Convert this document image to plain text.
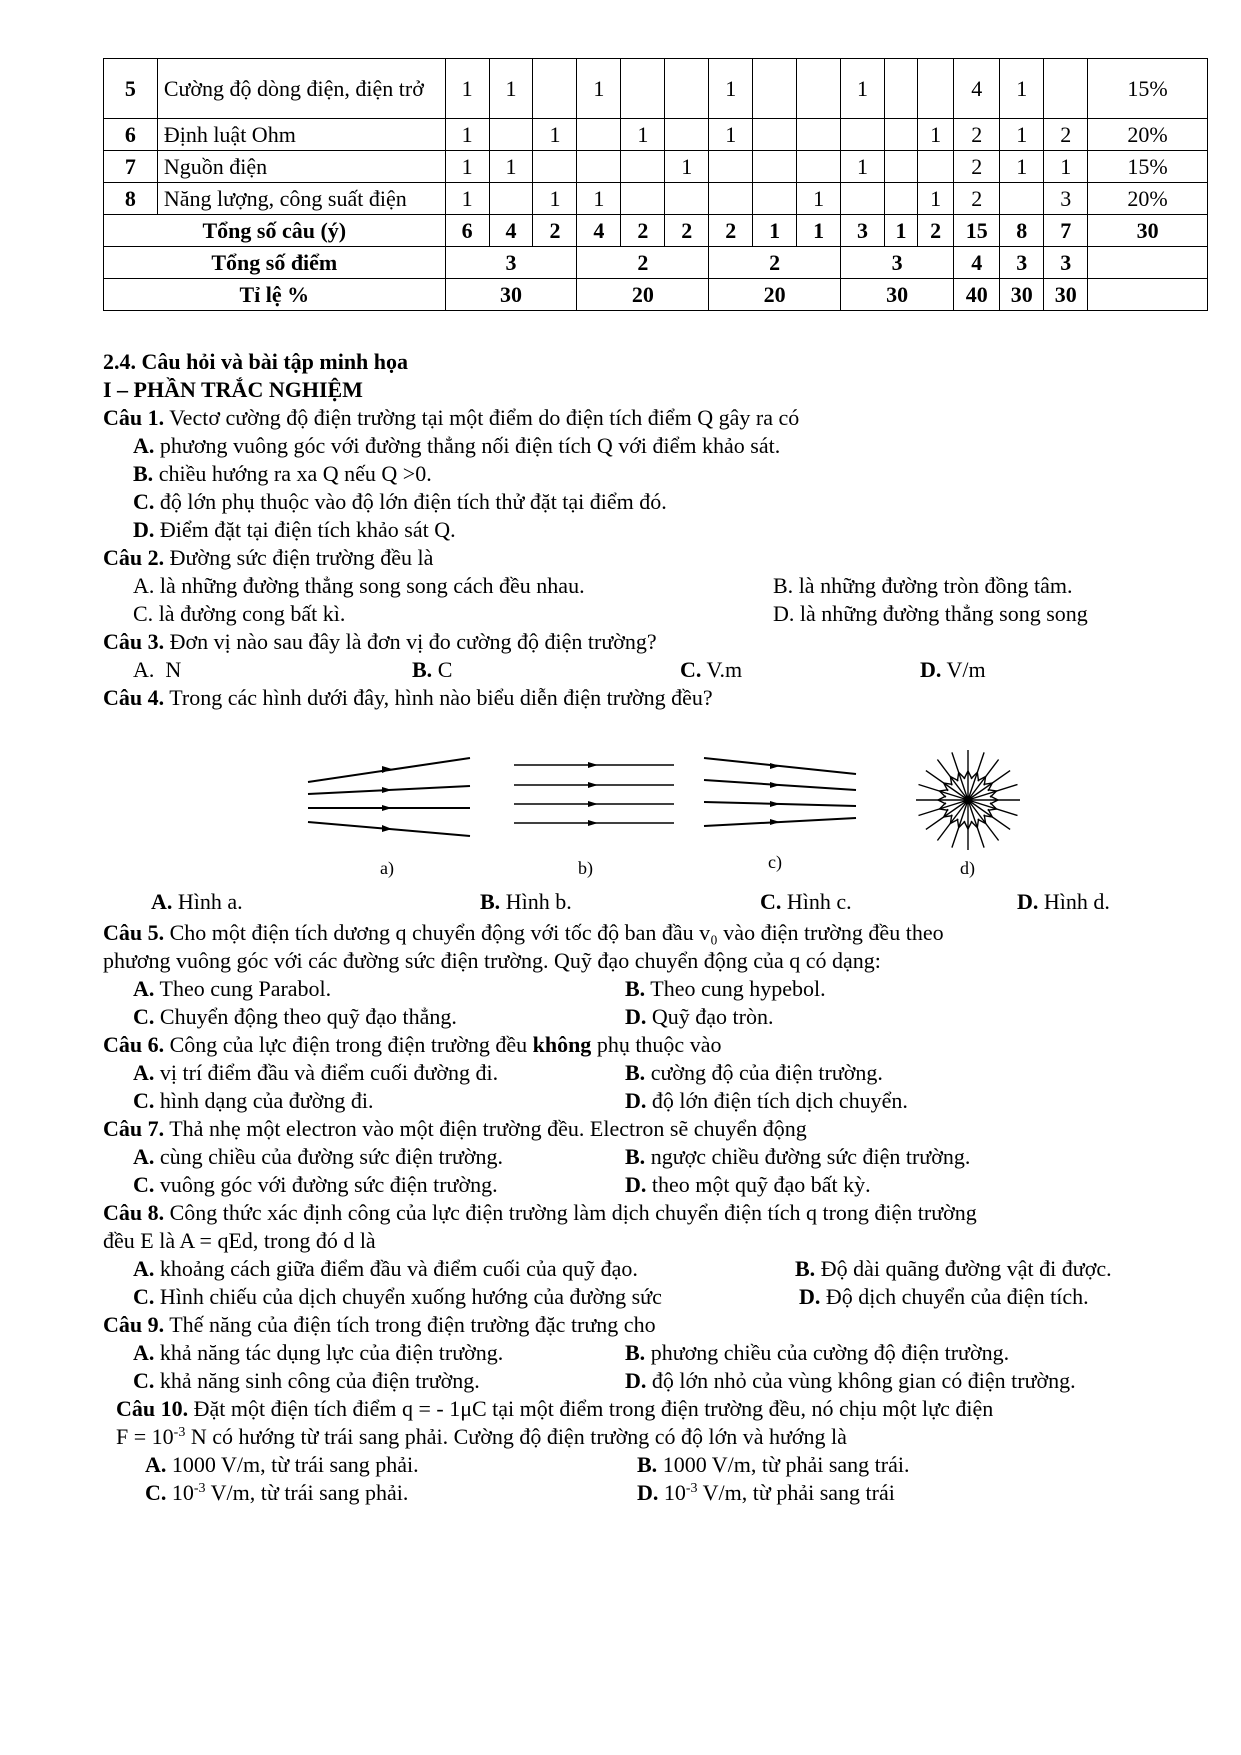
5	Cường độ dòng điện, điện trở	1	1		1			1			1			4	1		15%
6	Định luật Ohm	1		1		1		1					1	2	1	2	20%
7	Nguồn điện	1	1				1				1			2	1	1	15%
8	Năng lượng, công suất điện	1		1	1					1			1	2		3	20%
Tổng số câu (ý)		6	4	2	4	2	2	2	1	1	3	1	2	15	8	7	30
Tổng số điểm		3			2			2			3			4	3	3	
Tỉ lệ %		30			20			20			30			40	30	30	
2.4. Câu hỏi và bài tập minh họa
I – PHẦN TRẮC NGHIỆM
Câu 1. Vectơ cường độ điện trường tại một điểm do điện tích điểm Q gây ra có
A. phương vuông góc với đường thẳng nối điện tích Q với điểm khảo sát.
B. chiều hướng ra xa Q nếu Q >0.
C. độ lớn phụ thuộc vào độ lớn điện tích thử đặt tại điểm đó.
D. Điểm đặt tại điện tích khảo sát Q.
Câu 2. Đường sức điện trường đều là
A. là những đường thẳng song song cách đều nhau.	B. là những đường tròn đồng tâm.
C. là đường cong bất kì.	D. là những đường thẳng song song
Câu 3. Đơn vị nào sau đây là đơn vị đo cường độ điện trường?
A. N	B. C	C. V.m	D. V/m
Câu 4. Trong các hình dưới đây, hình nào biểu diễn điện trường đều?
a)	b)	c)	d)
A. Hình a.	B. Hình b.	C. Hình c.	D. Hình d.
Câu 5. Cho một điện tích dương q chuyển động với tốc độ ban đầu v₀ vào điện trường đều theo
phương vuông góc với các đường sức điện trường. Quỹ đạo chuyển động của q có dạng:
A. Theo cung Parabol.	B. Theo cung hypebol.
C. Chuyển động theo quỹ đạo thẳng.	D. Quỹ đạo tròn.
Câu 6. Công của lực điện trong điện trường đều không phụ thuộc vào
A. vị trí điểm đầu và điểm cuối đường đi.	B. cường độ của điện trường.
C. hình dạng của đường đi.	D. độ lớn điện tích dịch chuyển.
Câu 7. Thả nhẹ một electron vào một điện trường đều. Electron sẽ chuyển động
A. cùng chiều của đường sức điện trường.	B. ngược chiều đường sức điện trường.
C. vuông góc với đường sức điện trường.	D. theo một quỹ đạo bất kỳ.
Câu 8. Công thức xác định công của lực điện trường làm dịch chuyển điện tích q trong điện trường
đều E là A = qEd, trong đó d là
A. khoảng cách giữa điểm đầu và điểm cuối của quỹ đạo.	B. Độ dài quãng đường vật đi được.
C. Hình chiếu của dịch chuyển xuống hướng của đường sức	D. Độ dịch chuyển của điện tích.
Câu 9. Thế năng của điện tích trong điện trường đặc trưng cho
A. khả năng tác dụng lực của điện trường.	B. phương chiều của cường độ điện trường.
C. khả năng sinh công của điện trường.	D. độ lớn nhỏ của vùng không gian có điện trường.
Câu 10. Đặt một điện tích điểm q = - 1μC tại một điểm trong điện trường đều, nó chịu một lực điện
$F = 10^{-3}$ N có hướng từ trái sang phải. Cường độ điện trường có độ lớn và hướng là
A. 1000 V/m, từ trái sang phải.	B. 1000 V/m, từ phải sang trái.
C. $10^{-3}$ V/m, từ trái sang phải.	D. $10^{-3}$ V/m, từ phải sang trái
